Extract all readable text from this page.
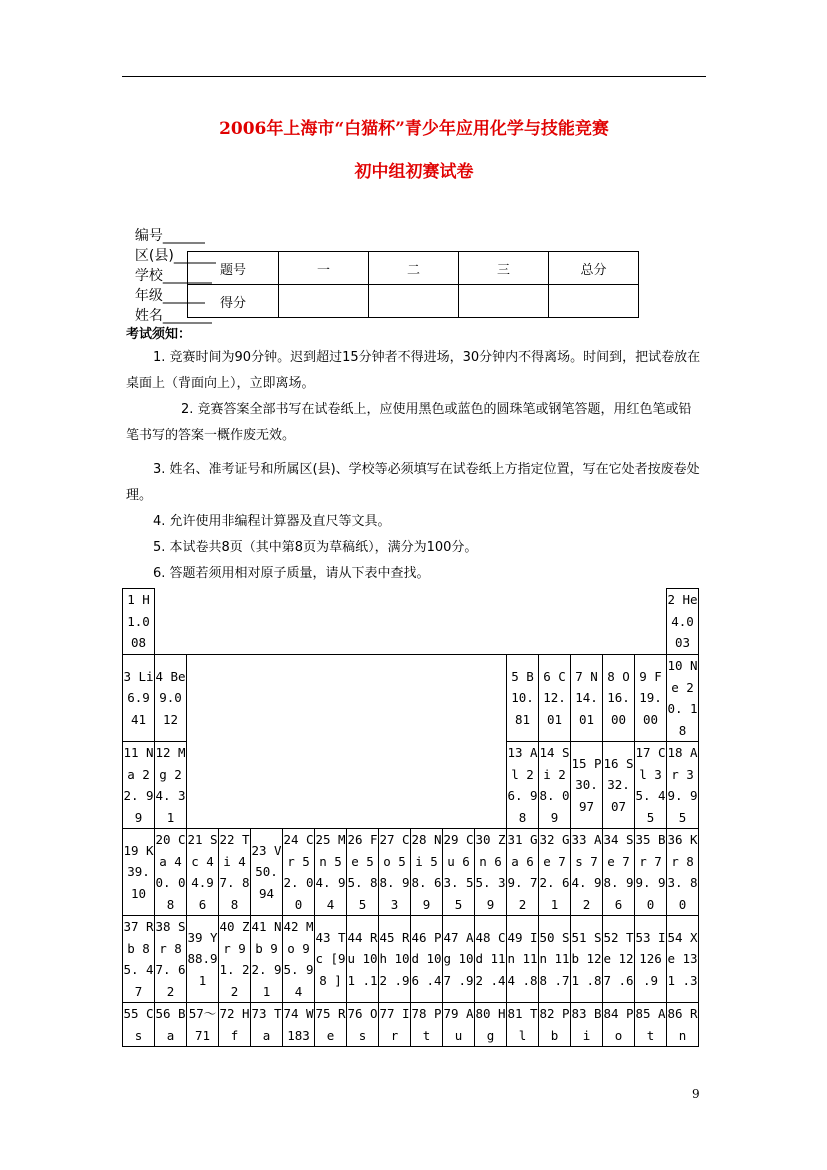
2006年上海市“白猫杯”青少年应用化学与技能竞赛
初中组初赛试卷

编号______
区(县)______
学校_______
年级______
姓名_______

题号	一	二	三	总分
得分				
考试须知：
1. 竞赛时间为90分钟。迟到超过15分钟者不得进场，30分钟内不得离场。时间到，把试卷放在桌面上（背面向上），立即离场。
2. 竞赛答案全部书写在试卷纸上，应使用黑色或蓝色的圆珠笔或钢笔答题，用红色笔或铅笔书写的答案一概作废无效。
3. 姓名、准考证号和所属区(县)、学校等必须填写在试卷纸上方指定位置，写在它处者按废卷处理。
4. 允许使用非编程计算器及直尺等文具。
5. 本试卷共8页（其中第8页为草稿纸），满分为100分。
6. 答题若须用相对原子质量，请从下表中查找。
1 H 1.0 08																	2 He 4.0 03
3 Li 6.9 41	4 Be 9.0 12											5 B 10. 81	6 C 12. 01	7 N 14. 01	8 O 16. 00	9 F 19. 00	10 Ne 20. 18
11 Na 22. 99	12 Mg 24. 31											13 Al 26. 98	14 Si 28. 09	15 P 30. 97	16 S 32. 07	17 Cl 35. 45	18 Ar 39. 95
19 K 39. 10	20 Ca 40. 08	21 Sc 44.9 6	22 Ti 47. 88	23 V 50. 94	24 Cr 52. 00	25 Mn 54. 94	26 Fe 55. 85	27 Co 58. 93	28 Ni 58. 69	29 Cu 63. 55	30 Zn 65. 39	31 Ga 69. 72	32 Ge 72. 61	33 As 74. 92	34 Se 78. 96	35 Br 79. 90	36 Kr 83. 80
37 Rb 85. 47	38 Sr 87. 62	39 Y 88.9 1	40 Zr 91. 22	41 Nb 92. 91	42 Mo 95. 94	43 Tc [98 ]	44 Ru 101 .1	45 Rh 102 .9	46 Pd 106 .4	47 Ag 107 .9	48 Cd 112 .4	49 In 114 .8	50 Sn 118 .7	51 Sb 121 .8	52 Te 127 .6	53 I 126 .9	54 Xe 131 .3
55 Cs	56 Ba	57～ 71	72 Hf	73 Ta	74 W 183	75 Re	76 Os	77 Ir	78 Pt	79 Au	80 Hg	81 Tl	82 Pb	83 Bi	84 Po	85 At	86 Rn
9
